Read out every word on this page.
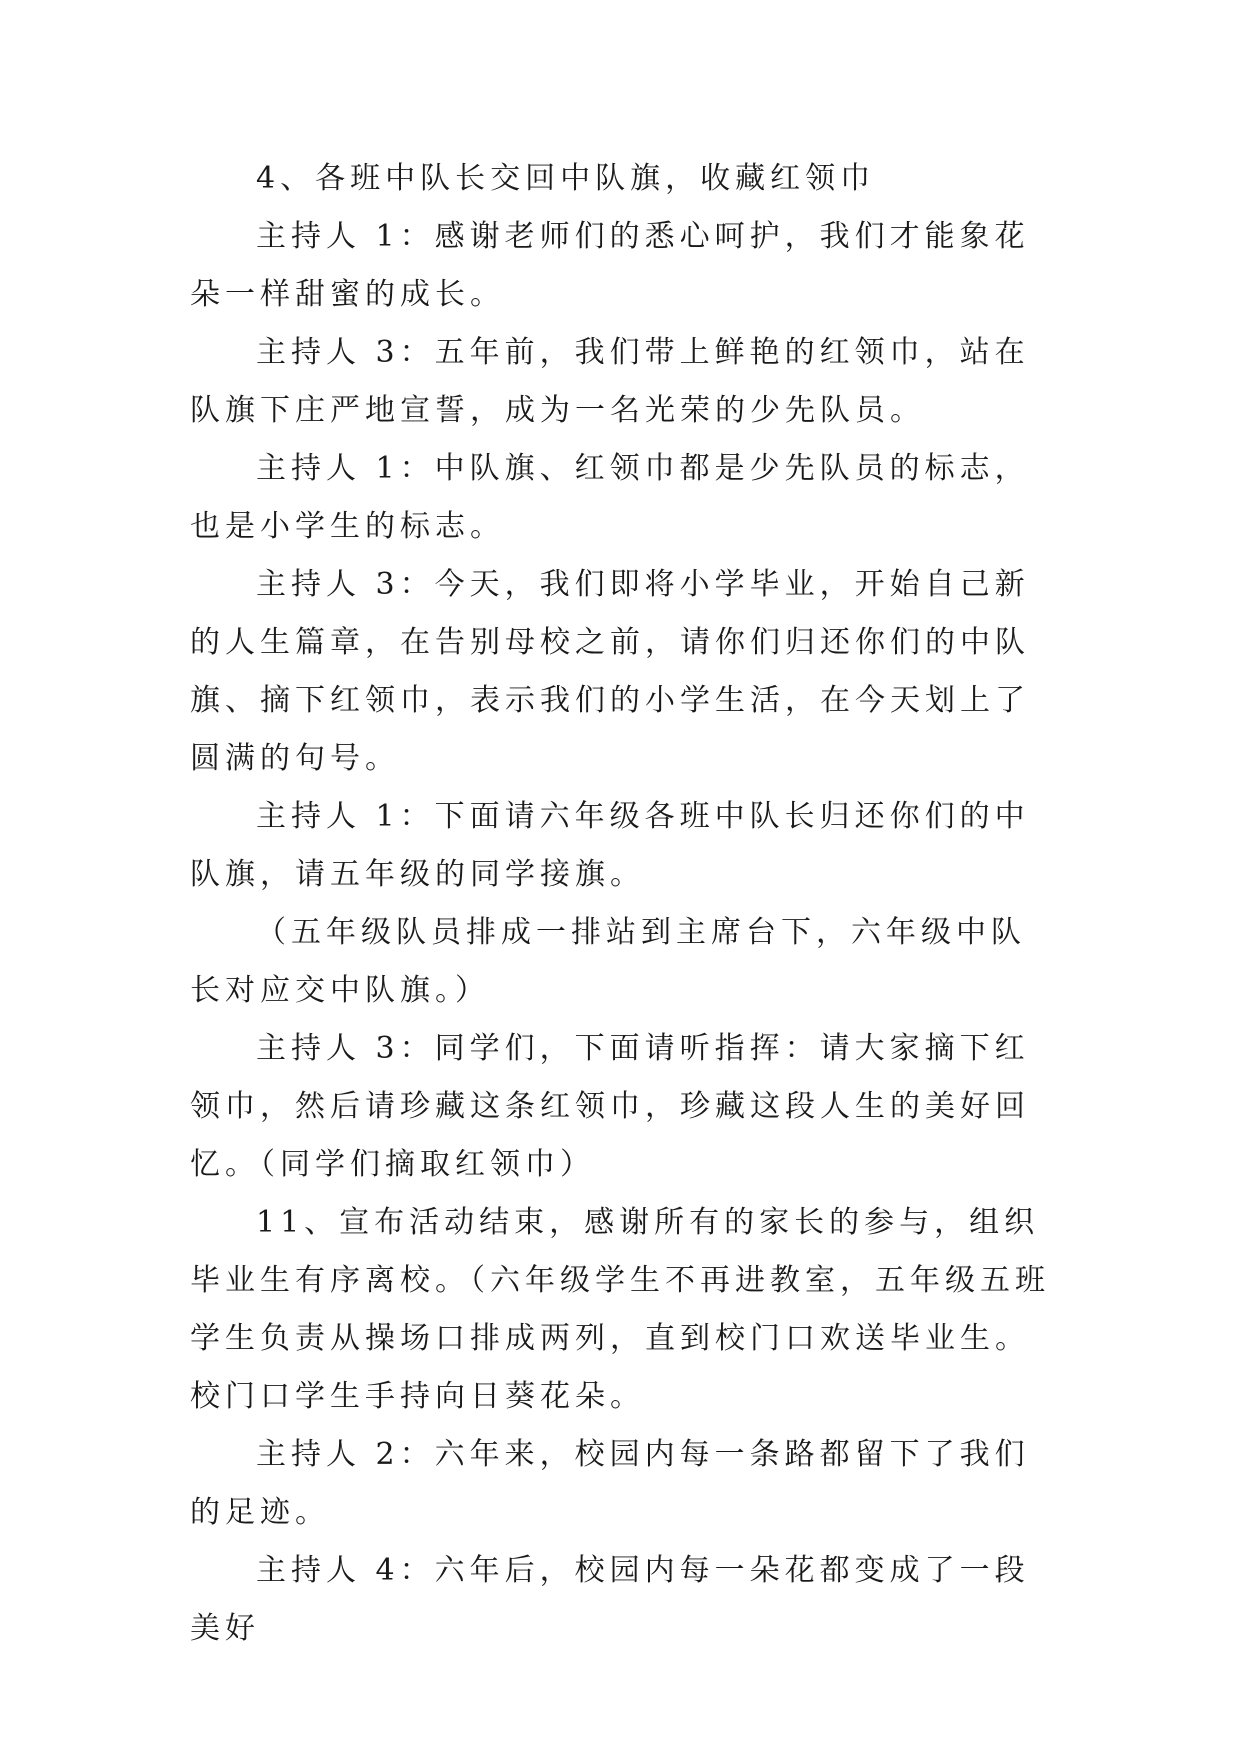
4、各班中队长交回中队旗，收藏红领巾

主持人 1：感谢老师们的悉心呵护，我们才能象花朵一样甜蜜的成长。

主持人 3：五年前，我们带上鲜艳的红领巾，站在队旗下庄严地宣誓，成为一名光荣的少先队员。

主持人 1：中队旗、红领巾都是少先队员的标志，也是小学生的标志。

主持人 3：今天，我们即将小学毕业，开始自己新的人生篇章，在告别母校之前，请你们归还你们的中队旗、摘下红领巾，表示我们的小学生活，在今天划上了圆满的句号。

主持人 1：下面请六年级各班中队长归还你们的中队旗，请五年级的同学接旗。

（五年级队员排成一排站到主席台下，六年级中队长对应交中队旗。）

主持人 3：同学们，下面请听指挥：请大家摘下红领巾，然后请珍藏这条红领巾，珍藏这段人生的美好回忆。（同学们摘取红领巾）

11、宣布活动结束，感谢所有的家长的参与，组织毕业生有序离校。（六年级学生不再进教室，五年级五班学生负责从操场口排成两列，直到校门口欢送毕业生。校门口学生手持向日葵花朵。

主持人 2：六年来，校园内每一条路都留下了我们的足迹。

主持人 4：六年后，校园内每一朵花都变成了一段美好
